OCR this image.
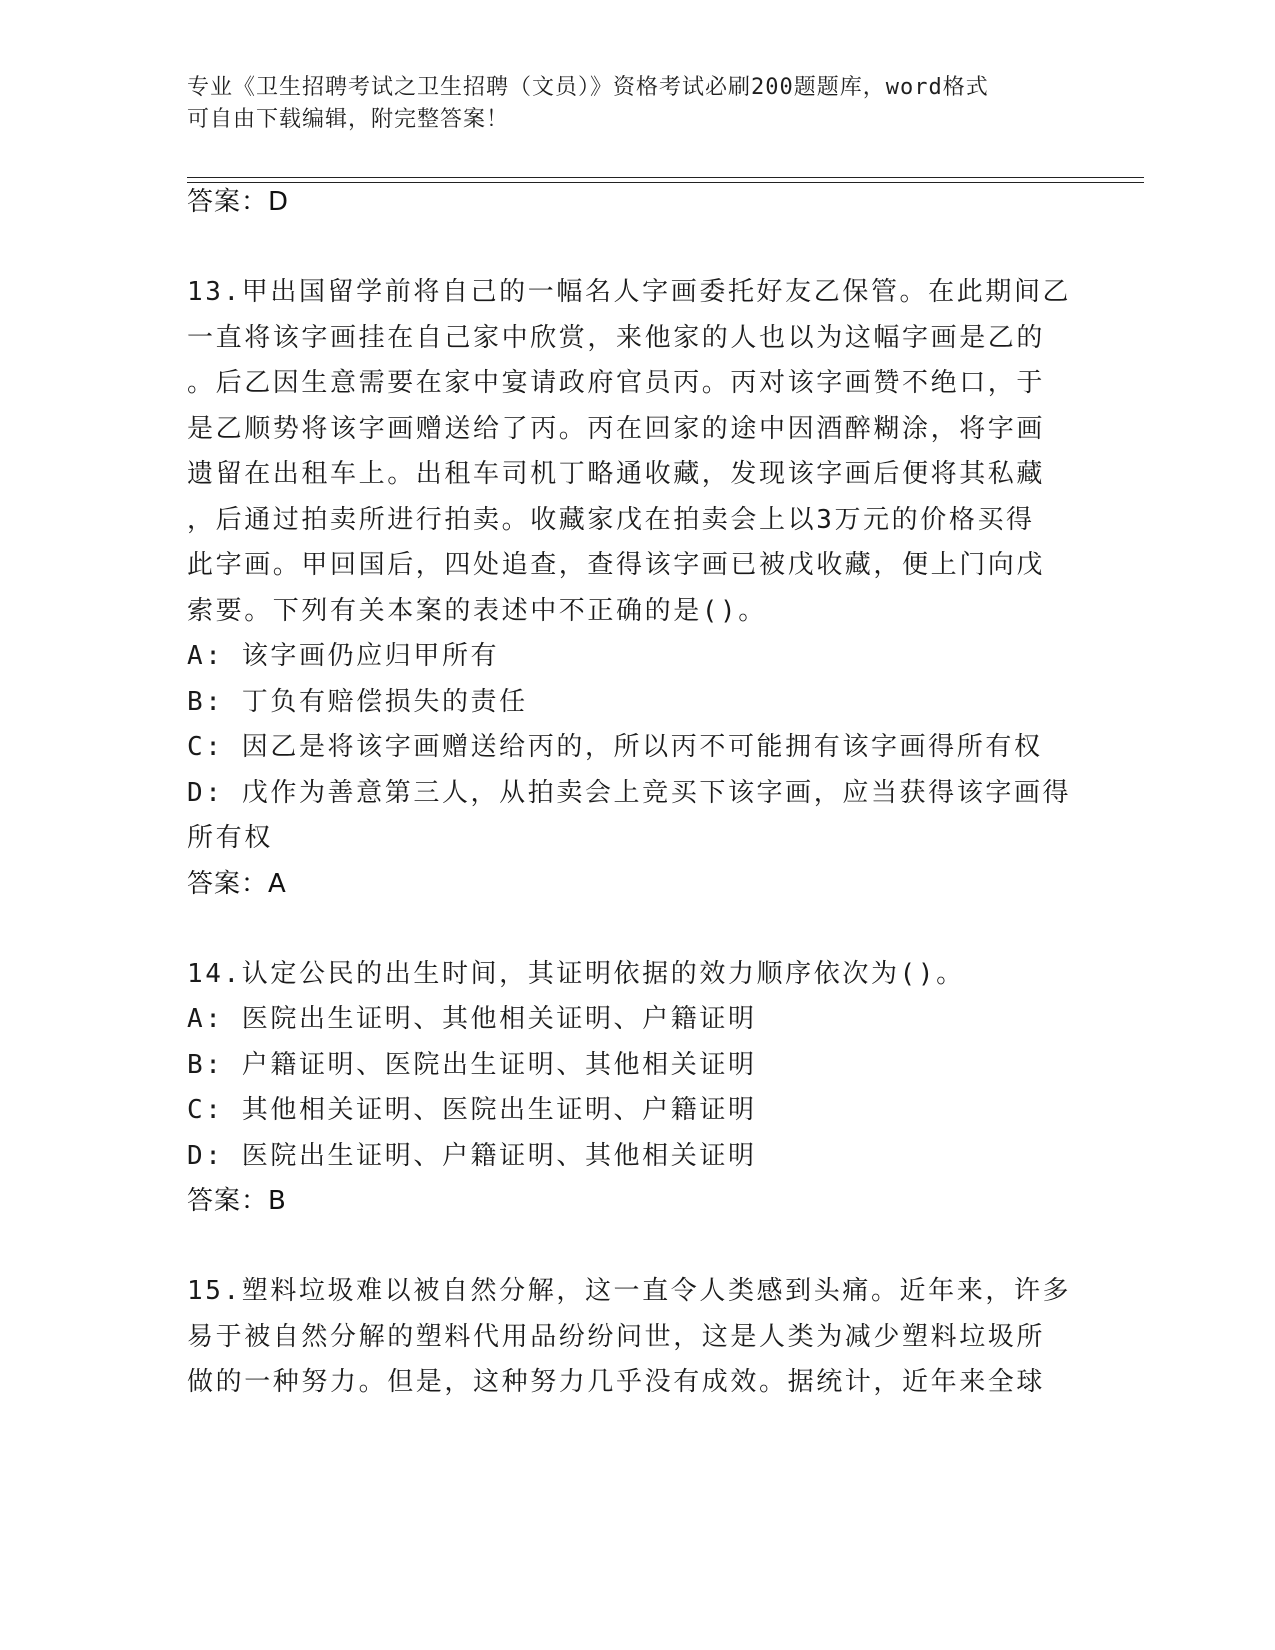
专业《卫生招聘考试之卫生招聘（文员）》资格考试必刷200题题库，word格式
可自由下载编辑，附完整答案！
答案：D
13.甲出国留学前将自己的一幅名人字画委托好友乙保管。在此期间乙
一直将该字画挂在自己家中欣赏，来他家的人也以为这幅字画是乙的
。后乙因生意需要在家中宴请政府官员丙。丙对该字画赞不绝口，于
是乙顺势将该字画赠送给了丙。丙在回家的途中因酒醉糊涂，将字画
遗留在出租车上。出租车司机丁略通收藏，发现该字画后便将其私藏
，后通过拍卖所进行拍卖。收藏家戊在拍卖会上以3万元的价格买得
此字画。甲回国后，四处追查，查得该字画已被戊收藏，便上门向戊
索要。下列有关本案的表述中不正确的是()。
A: 该字画仍应归甲所有
B: 丁负有赔偿损失的责任
C: 因乙是将该字画赠送给丙的，所以丙不可能拥有该字画得所有权
D: 戊作为善意第三人，从拍卖会上竞买下该字画，应当获得该字画得
所有权
答案：A
14.认定公民的出生时间，其证明依据的效力顺序依次为()。
A: 医院出生证明、其他相关证明、户籍证明
B: 户籍证明、医院出生证明、其他相关证明
C: 其他相关证明、医院出生证明、户籍证明
D: 医院出生证明、户籍证明、其他相关证明
答案：B
15.塑料垃圾难以被自然分解，这一直令人类感到头痛。近年来，许多
易于被自然分解的塑料代用品纷纷问世，这是人类为减少塑料垃圾所
做的一种努力。但是，这种努力几乎没有成效。据统计，近年来全球
